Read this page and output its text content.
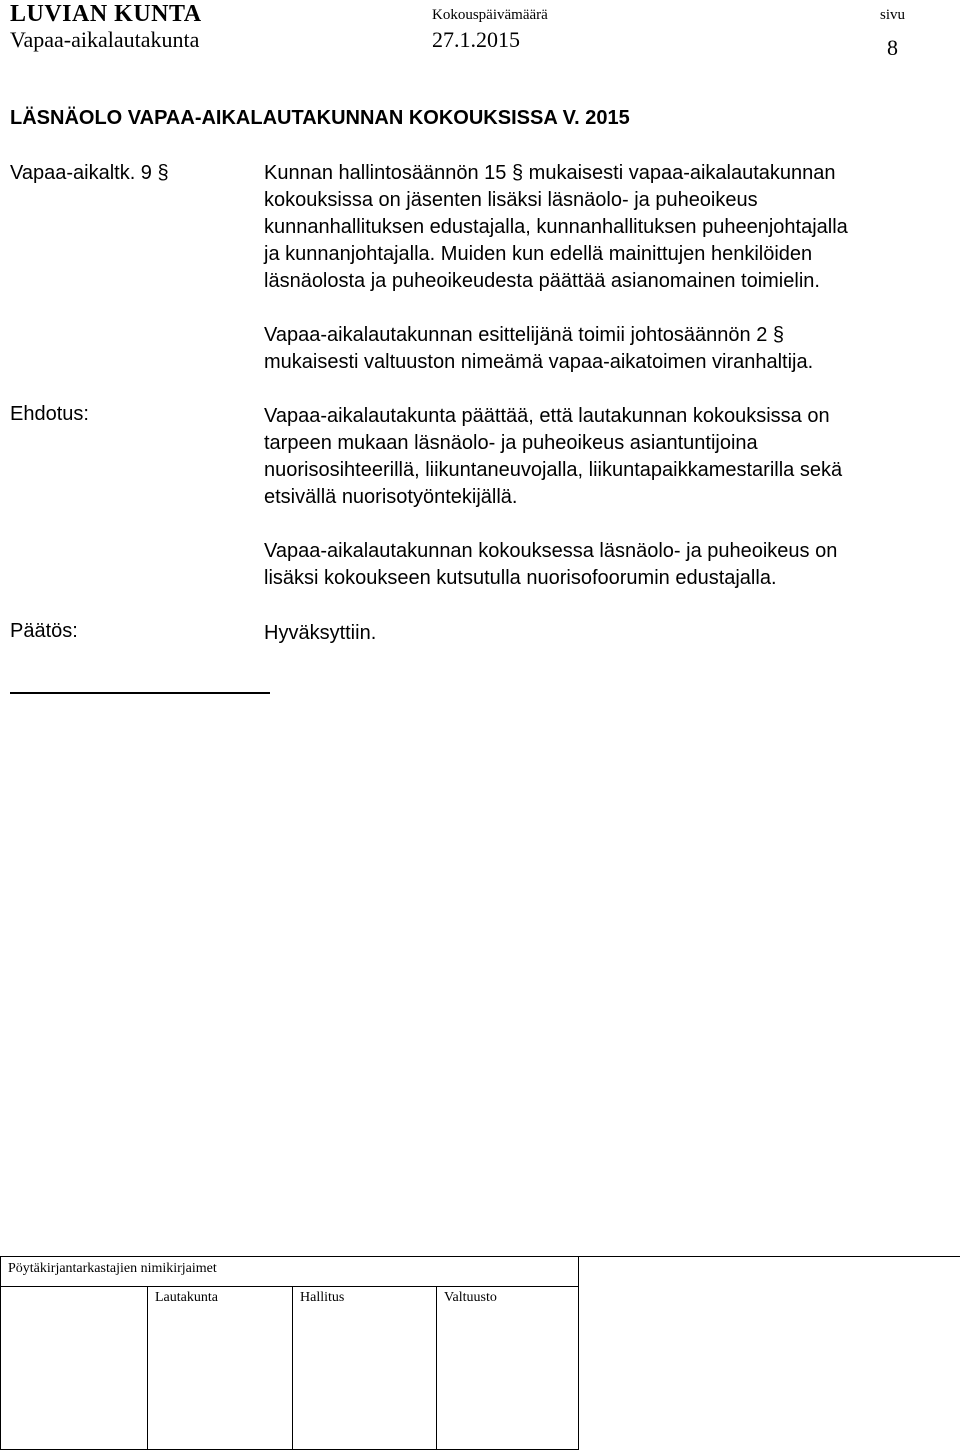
LUVIAN KUNTA
Vapaa-aikalautakunta
Kokouspäivämäärä
27.1.2015
sivu
8
LÄSNÄOLO VAPAA-AIKALAUTAKUNNAN KOKOUKSISSA V. 2015
Vapaa-aikaltk. 9 §	Kunnan hallintosäännön 15 § mukaisesti vapaa-aikalautakunnan
kokouksissa on jäsenten lisäksi läsnäolo- ja puheoikeus
kunnanhallituksen edustajalla, kunnanhallituksen puheenjohtajalla
ja kunnanjohtajalla. Muiden kun edellä mainittujen henkilöiden
läsnäolosta ja puheoikeudesta päättää asianomainen toimielin.
Vapaa-aikalautakunnan esittelijänä toimii johtosäännön 2 §
mukaisesti valtuuston nimeämä vapaa-aikatoimen viranhaltija.
Ehdotus:	Vapaa-aikalautakunta päättää, että lautakunnan kokouksissa on
tarpeen mukaan läsnäolo- ja puheoikeus asiantuntijoina
nuorisosihteerillä, liikuntaneuvojalla, liikuntapaikkamestarilla sekä
etsivällä nuorisotyöntekijällä.
Vapaa-aikalautakunnan kokouksessa läsnäolo- ja puheoikeus on
lisäksi kokoukseen kutsutulla nuorisofoorumin edustajalla.
Päätös:	Hyväksyttiin.
Pöytäkirjantarkastajien nimikirjaimet
Lautakunta	Hallitus	Valtuusto
